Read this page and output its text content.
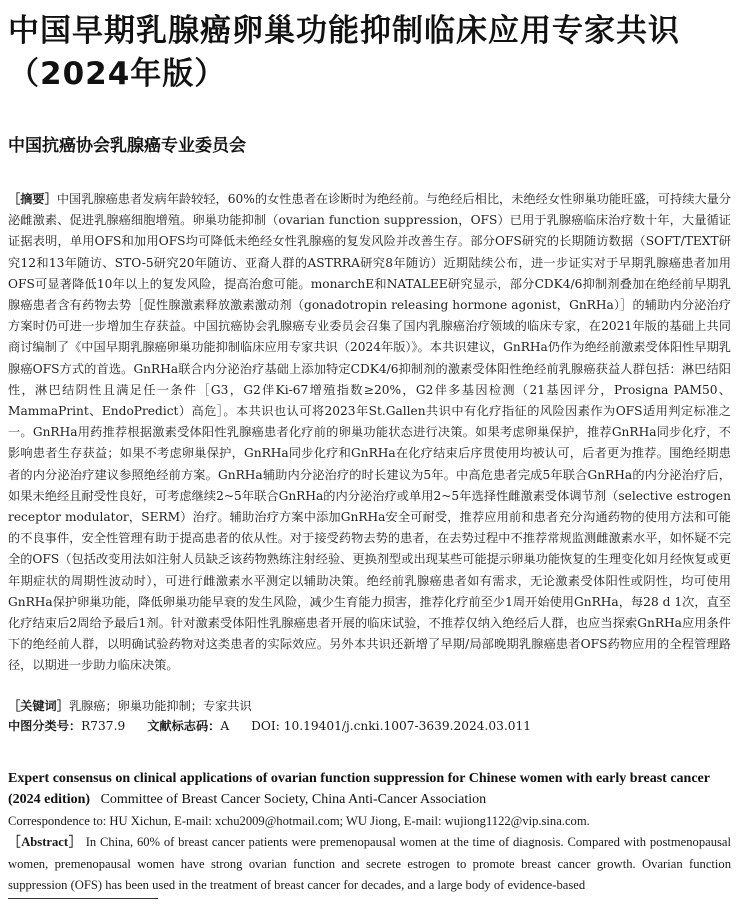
中国早期乳腺癌卵巢功能抑制临床应用专家共识（2024年版）
中国抗癌协会乳腺癌专业委员会

［摘要］中国乳腺癌患者发病年龄较轻，60%的女性患者在诊断时为绝经前。与绝经后相比，未绝经女性卵巢功能旺盛，可持续大量分泌雌激素、促进乳腺癌细胞增殖。卵巢功能抑制（ovarian function suppression，OFS）已用于乳腺癌临床治疗数十年，大量循证证据表明，单用OFS和加用OFS均可降低未绝经女性乳腺癌的复发风险并改善生存。部分OFS研究的长期随访数据（SOFT/TEXT研究12和13年随访、STO-5研究20年随访、亚裔人群的ASTRRA研究8年随访）近期陆续公布，进一步证实对于早期乳腺癌患者加用OFS可显著降低10年以上的复发风险，提高治愈可能。monarchE和NATALEE研究显示，部分CDK4/6抑制剂叠加在绝经前早期乳腺癌患者含有药物去势［促性腺激素释放激素激动剂（gonadotropin releasing hormone agonist，GnRHa）］的辅助内分泌治疗方案时仍可进一步增加生存获益。中国抗癌协会乳腺癌专业委员会召集了国内乳腺癌治疗领域的临床专家，在2021年版的基础上共同商讨编制了《中国早期乳腺癌卵巢功能抑制临床应用专家共识（2024年版）》。本共识建议，GnRHa仍作为绝经前激素受体阳性早期乳腺癌OFS方式的首选。GnRHa联合内分泌治疗基础上添加特定CDK4/6抑制剂的激素受体阳性绝经前乳腺癌获益人群包括：淋巴结阳性，淋巴结阴性且满足任一条件［G3，G2伴Ki-67增殖指数≥20%，G2伴多基因检测（21基因评分，Prosigna PAM50、MammaPrint、EndoPredict）高危］。本共识也认可将2023年St.Gallen共识中有化疗指征的风险因素作为OFS适用判定标准之一。GnRHa用药推荐根据激素受体阳性乳腺癌患者化疗前的卵巢功能状态进行决策。如果考虑卵巢保护，推荐GnRHa同步化疗，不影响患者生存获益；如果不考虑卵巢保护，GnRHa同步化疗和GnRHa在化疗结束后序贯使用均被认可，后者更为推荐。围绝经期患者的内分泌治疗建议参照绝经前方案。GnRHa辅助内分泌治疗的时长建议为5年。中高危患者完成5年联合GnRHa的内分泌治疗后，如果未绝经且耐受性良好，可考虑继续2~5年联合GnRHa的内分泌治疗或单用2~5年选择性雌激素受体调节剂（selective estrogen receptor modulator，SERM）治疗。辅助治疗方案中添加GnRHa安全可耐受，推荐应用前和患者充分沟通药物的使用方法和可能的不良事件，安全性管理有助于提高患者的依从性。对于接受药物去势的患者，在去势过程中不推荐常规监测雌激素水平，如怀疑不完全的OFS（包括改变用法如注射人员缺乏该药物熟练注射经验、更换剂型或出现某些可能提示卵巢功能恢复的生理变化如月经恢复或更年期症状的周期性波动时），可进行雌激素水平测定以辅助决策。绝经前乳腺癌患者如有需求，无论激素受体阳性或阴性，均可使用GnRHa保护卵巢功能，降低卵巢功能早衰的发生风险，减少生育能力损害，推荐化疗前至少1周开始使用GnRHa，每28 d 1次，直至化疗结束后2周给予最后1剂。针对激素受体阳性乳腺癌患者开展的临床试验，不推荐仅纳入绝经后人群，也应当探索GnRHa应用条件下的绝经前人群，以明确试验药物对这类患者的实际效应。另外本共识还新增了早期/局部晚期乳腺癌患者OFS药物应用的全程管理路径，以期进一步助力临床决策。

［关键词］乳腺癌；卵巢功能抑制；专家共识

中图分类号：R737.9 文献标志码：A DOI: 10.19401/j.cnki.1007-3639.2024.03.011

Expert consensus on clinical applications of ovarian function suppression for Chinese women with early breast cancer (2024 edition) Committee of Breast Cancer Society, China Anti-Cancer Association

Correspondence to: HU Xichun, E-mail: xchu2009@hotmail.com; WU Jiong, E-mail: wujiong1122@vip.sina.com.

［Abstract］ In China, 60% of breast cancer patients were premenopausal women at the time of diagnosis. Compared with postmenopausal women, premenopausal women have strong ovarian function and secrete estrogen to promote breast cancer growth. Ovarian function suppression (OFS) has been used in the treatment of breast cancer for decades, and a large body of evidence-based
